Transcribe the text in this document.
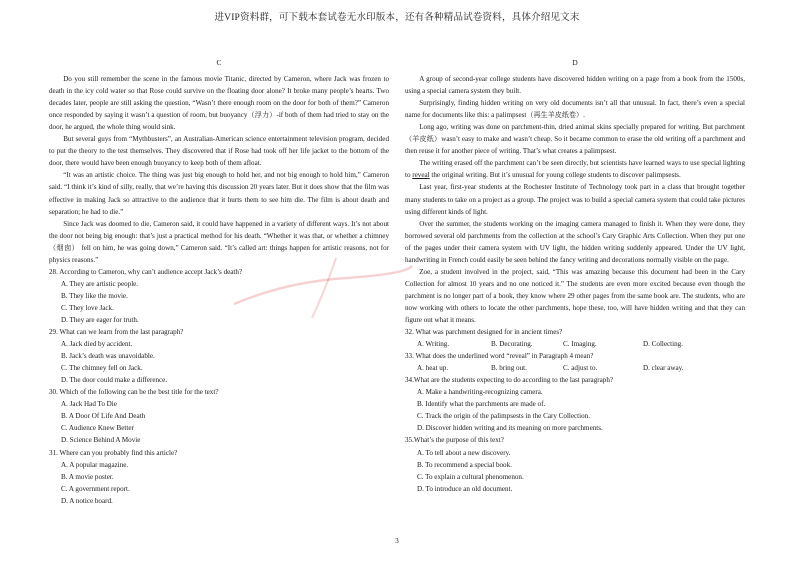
进VIP资料群，可下载本套试卷无水印版本，还有各种精品试卷资料，具体介绍见文末
C

Do you still remember the scene in the famous movie Titanic, directed by Cameron, where Jack was frozen to death in the icy cold water so that Rose could survive on the floating door alone? It broke many people’s hearts. Two decades later, people are still asking the question, “Wasn’t there enough room on the door for both of them?” Cameron once responded by saying it wasn’t a question of room, but buoyancy（浮力）-if both of them had tried to stay on the door, he argued, the whole thing would sink.

But several guys from “Mythbusters”, an Australian-American science entertainment television program, decided to put the theory to the test themselves. They discovered that if Rose had took off her life jacket to the bottom of the door, there would have been enough buoyancy to keep both of them afloat.

“It was an artistic choice. The thing was just big enough to hold her, and not big enough to hold him,” Cameron said. “I think it’s kind of silly, really, that we’re having this discussion 20 years later. But it does show that the film was effective in making Jack so attractive to the audience that it hurts them to see him die. The film is about death and separation; he had to die.”

Since Jack was doomed to die, Cameron said, it could have happened in a variety of different ways. It’s not about the door not being big enough: that’s just a practical method for his death. “Whether it was that, or whether a chimney （烟囱） fell on him, he was going down,” Cameron said. “It’s called art: things happen for artistic reasons, not for physics reasons.”

28. According to Cameron, why can’t audience accept Jack’s death?
A. They are artistic people.
B. They like the movie.
C. They love Jack.
D. They are eager for truth.
29. What can we learn from the last paragraph?
A. Jack died by accident.
B. Jack’s death was unavoidable.
C. The chimney fell on Jack.
D. The door could make a difference.
30. Which of the following can be the best title for the text?
A. Jack Had To Die
B. A Door Of Life And Death
C. Audience Knew Better
D. Science Behind A Movie
31. Where can you probably find this article?
A. A popular magazine.
B. A movie poster.
C. A government report.
D. A notice board.
D

A group of second-year college students have discovered hidden writing on a page from a book from the 1500s, using a special camera system they built.

Surprisingly, finding hidden writing on very old documents isn’t all that unusual. In fact, there’s even a special name for documents like this: a palimpsest（再生羊皮纸卷）.

Long ago, writing was done on parchment-thin, dried animal skins specially prepared for writing. But parchment（羊皮纸）wasn’t easy to make and wasn’t cheap. So it became common to erase the old writing off a parchment and then reuse it for another piece of writing. That’s what creates a palimpsest.

The writing erased off the parchment can’t be seen directly, but scientists have learned ways to use special lighting to reveal the original writing. But it’s unusual for young college students to discover palimpsests.

Last year, first-year students at the Rochester Institute of Technology took part in a class that brought together many students to take on a project as a group. The project was to build a special camera system that could take pictures using different kinds of light.

Over the summer, the students working on the imaging camera managed to finish it. When they were done, they borrowed several old parchments from the collection at the school’s Cary Graphic Arts Collection. When they put one of the pages under their camera system with UV light, the hidden writing suddenly appeared. Under the UV light, handwriting in French could easily be seen behind the fancy writing and decorations normally visible on the page.

Zoe, a student involved in the project, said, “This was amazing because this document had been in the Cary Collection for almost 10 years and no one noticed it.” The students are even more excited because even though the parchment is no longer part of a book, they know where 29 other pages from the same book are. The students, who are now working with others to locate the other parchments, hope these, too, will have hidden writing and that they can figure out what it means.

32. What was parchment designed for in ancient times?
A. Writing.	B. Decorating.	C. Imaging.	D. Collecting.
33. What does the underlined word “reveal” in Paragraph 4 mean?
A. heat up.	B. bring out.	C. adjust to.	D. clear away.
34.What are the students expecting to do according to the last paragraph?
A. Make a handwriting-recognizing camera.
B. Identify what the parchments are made of.
C. Track the origin of the palimpsests in the Cary Collection.
D. Discover hidden writing and its meaning on more parchments.
35.What’s the purpose of this text?
A. To tell about a new discovery.
B. To recommend a special book.
C. To explain a cultural phenomenon.
D. To introduce an old document.
3
